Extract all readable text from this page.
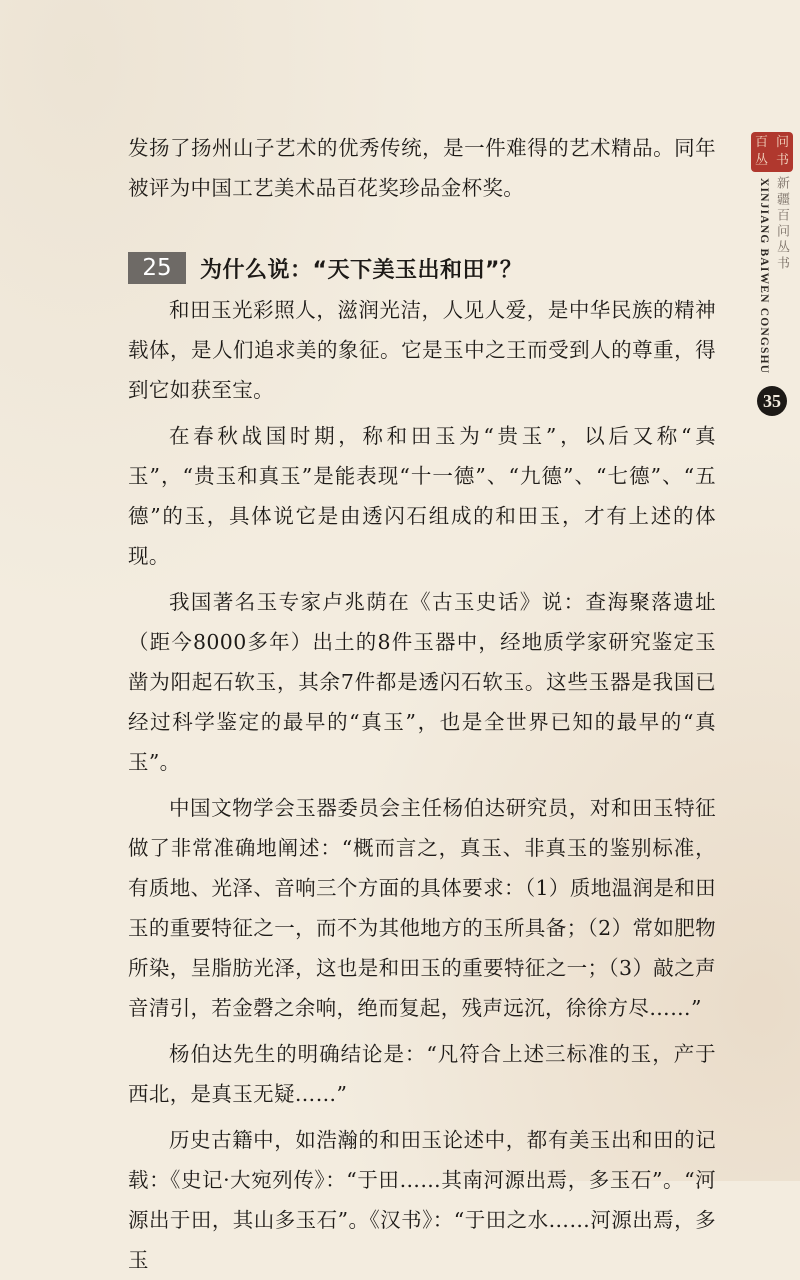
发扬了扬州山子艺术的优秀传统，是一件难得的艺术精品。同年
被评为中国工艺美术品百花奖珍品金杯奖。
25	为什么说：“天下美玉出和田”？

和田玉光彩照人，滋润光洁，人见人爱，是中华民族的精神载体，是人们追求美的象征。它是玉中之王而受到人的尊重，得到它如获至宝。

在春秋战国时期，称和田玉为“贵玉”，以后又称“真玉”，“贵玉和真玉”是能表现“十一德”、“九德”、“七德”、“五德”的玉，具体说它是由透闪石组成的和田玉，才有上述的体现。

我国著名玉专家卢兆荫在《古玉史话》说：查海聚落遗址（距今8000多年）出土的8件玉器中，经地质学家研究鉴定玉凿为阳起石软玉，其余7件都是透闪石软玉。这些玉器是我国已经过科学鉴定的最早的“真玉”，也是全世界已知的最早的“真玉”。

中国文物学会玉器委员会主任杨伯达研究员，对和田玉特征做了非常准确地阐述：“概而言之，真玉、非真玉的鉴别标准，有质地、光泽、音响三个方面的具体要求：（1）质地温润是和田玉的重要特征之一，而不为其他地方的玉所具备；（2）常如肥物所染，呈脂肪光泽，这也是和田玉的重要特征之一；（3）敲之声音清引，若金磬之余响，绝而复起，残声远沉，徐徐方尽……”

杨伯达先生的明确结论是：“凡符合上述三标准的玉，产于西北，是真玉无疑……”

历史古籍中，如浩瀚的和田玉论述中，都有美玉出和田的记载：《史记·大宛列传》：“于田……其南河源出焉，多玉石”。“河源出于田，其山多玉石”。《汉书》：“于田之水……河源出焉，多玉

百 问
丛 书
XINJIANG BAIWEN CONGSHU 新疆百问丛书
35
